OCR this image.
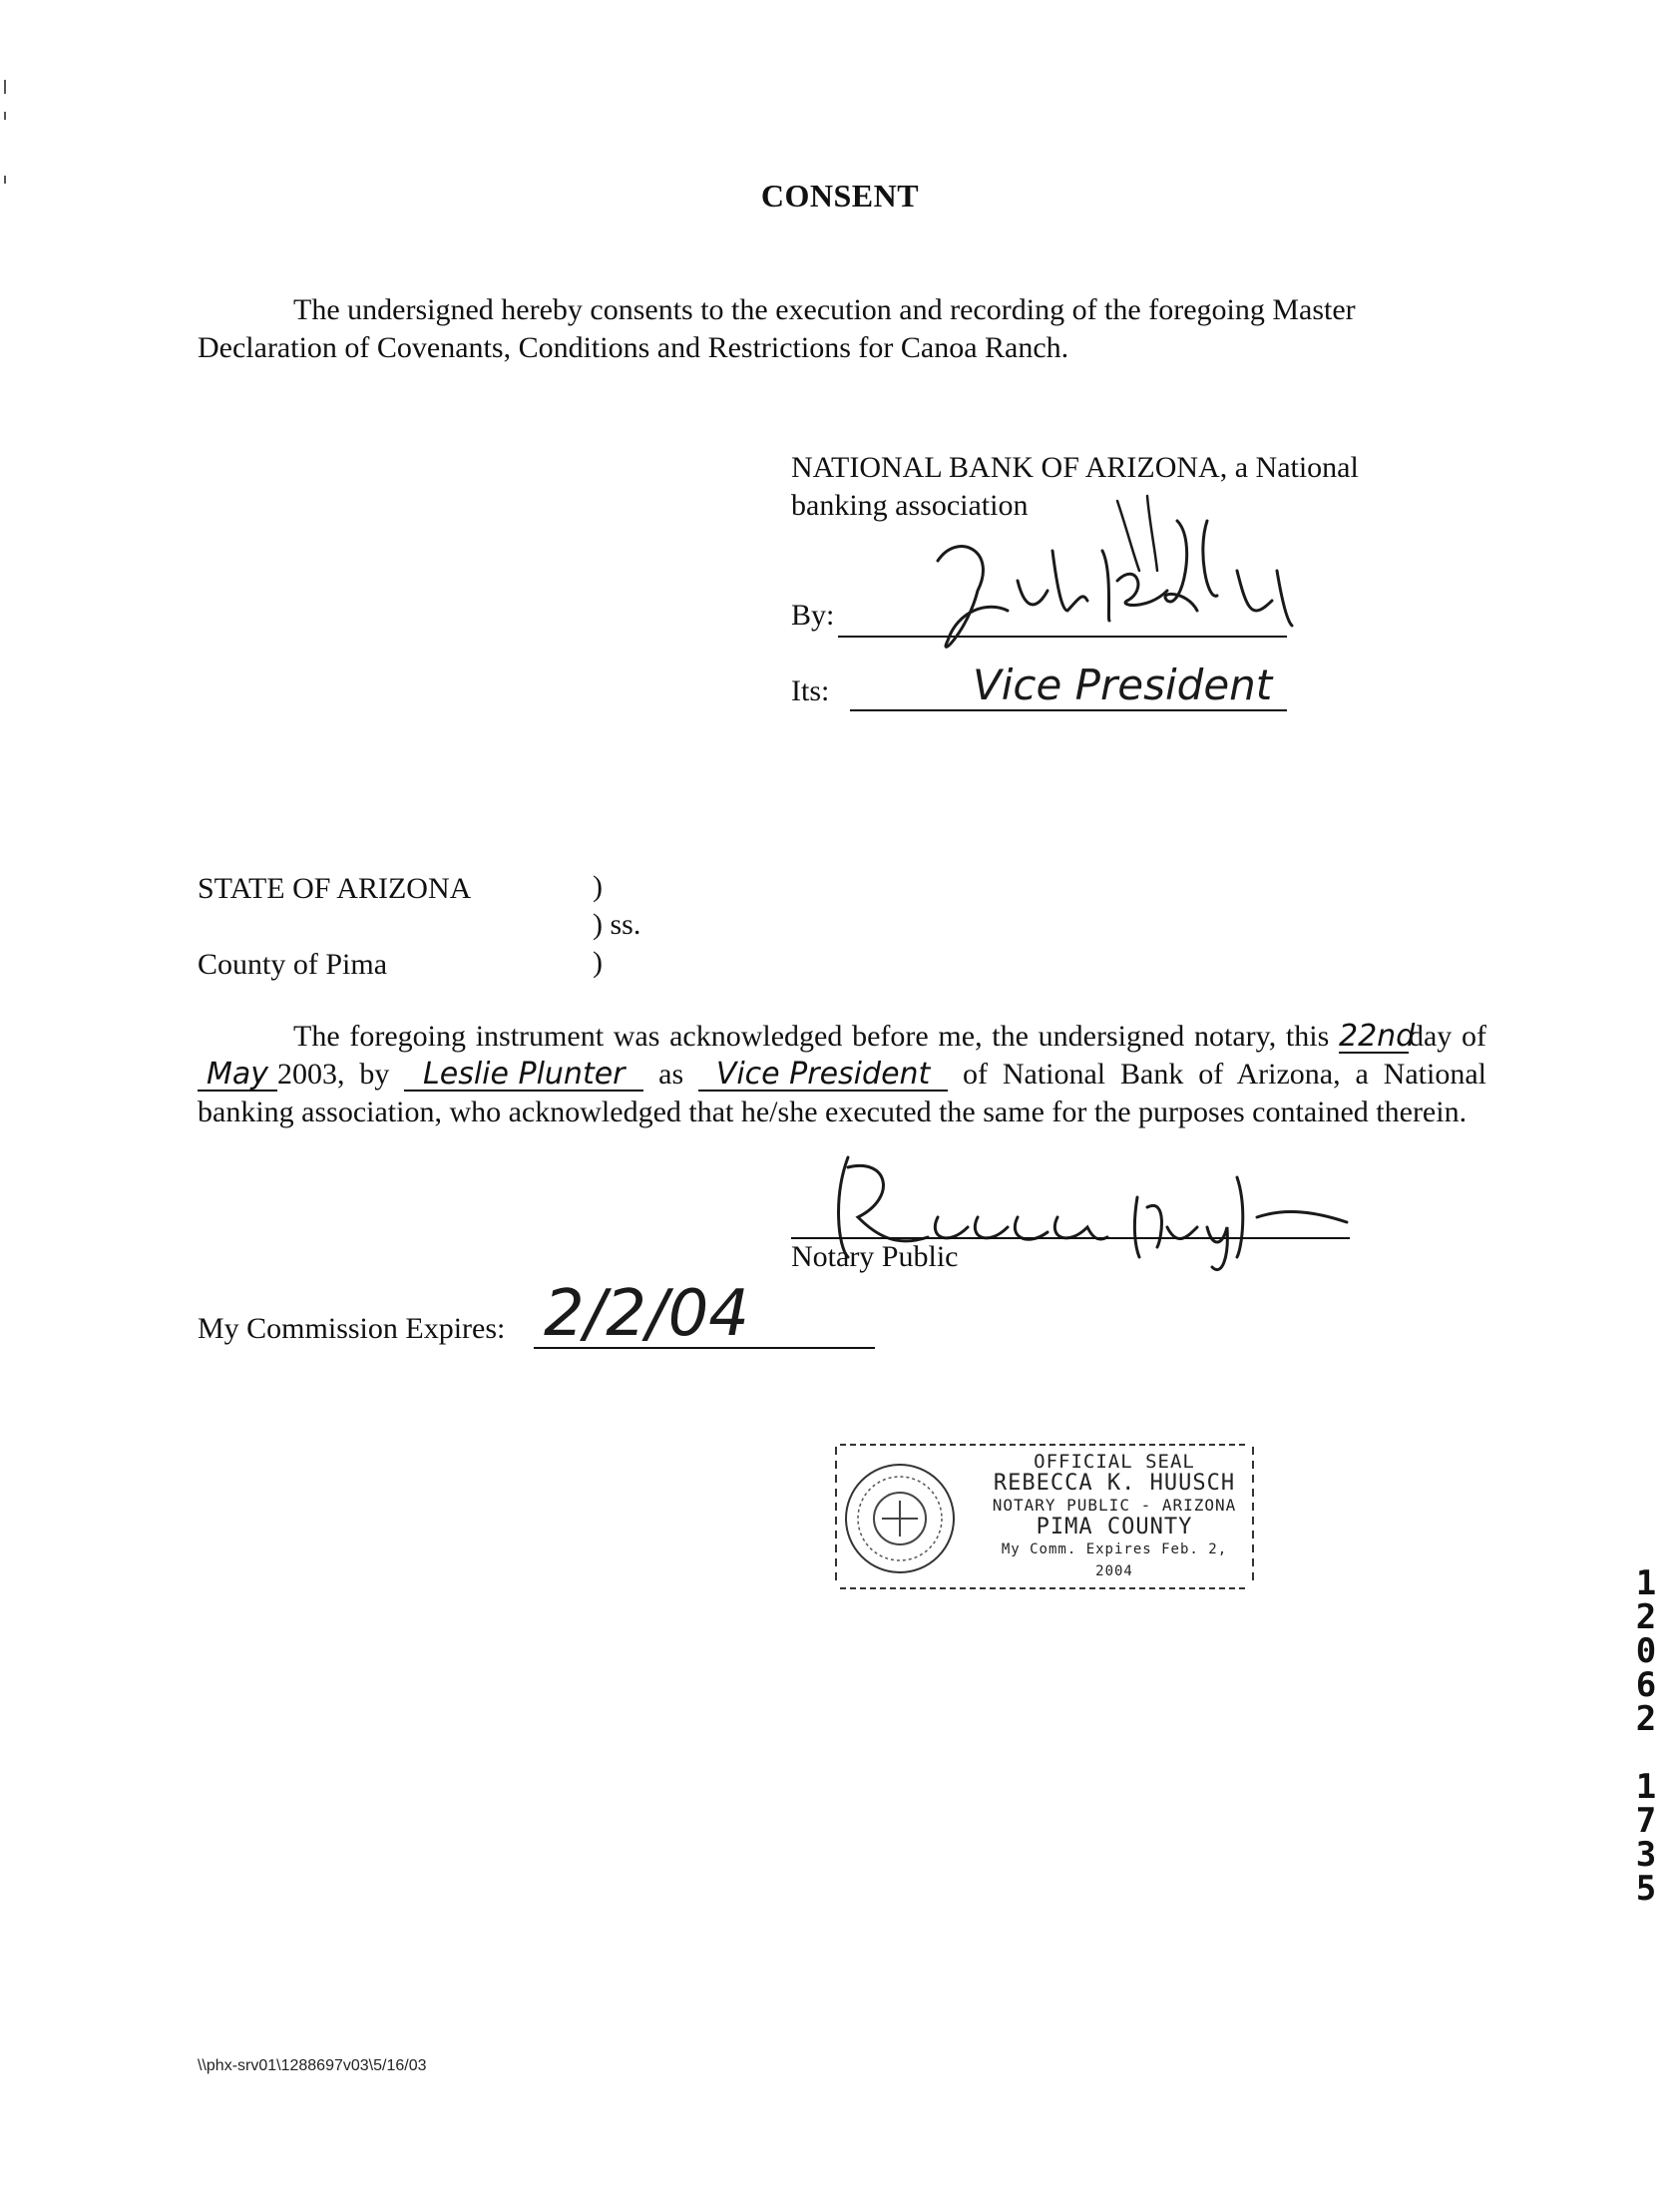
CONSENT
The undersigned hereby consents to the execution and recording of the foregoing Master Declaration of Covenants, Conditions and Restrictions for Canoa Ranch.
NATIONAL BANK OF ARIZONA, a National
banking association
By:
Its:	Vice President
STATE OF ARIZONA	)
) ss.
County of Pima	)
The foregoing instrument was acknowledged before me, the undersigned notary, this 22ndday of May 2003, by Leslie Plunter as Vice President of National Bank of Arizona, a National banking association, who acknowledged that he/she executed the same for the purposes contained therein.
Notary Public
My Commission Expires: 2/2/04
OFFICIAL SEAL
REBECCA K. HUUSCH
NOTARY PUBLIC - ARIZONA
PIMA COUNTY
My Comm. Expires Feb. 2, 2004	1
2
0
6
2
1
7
3
5
\\phx-srv01\1288697v03\5/16/03
